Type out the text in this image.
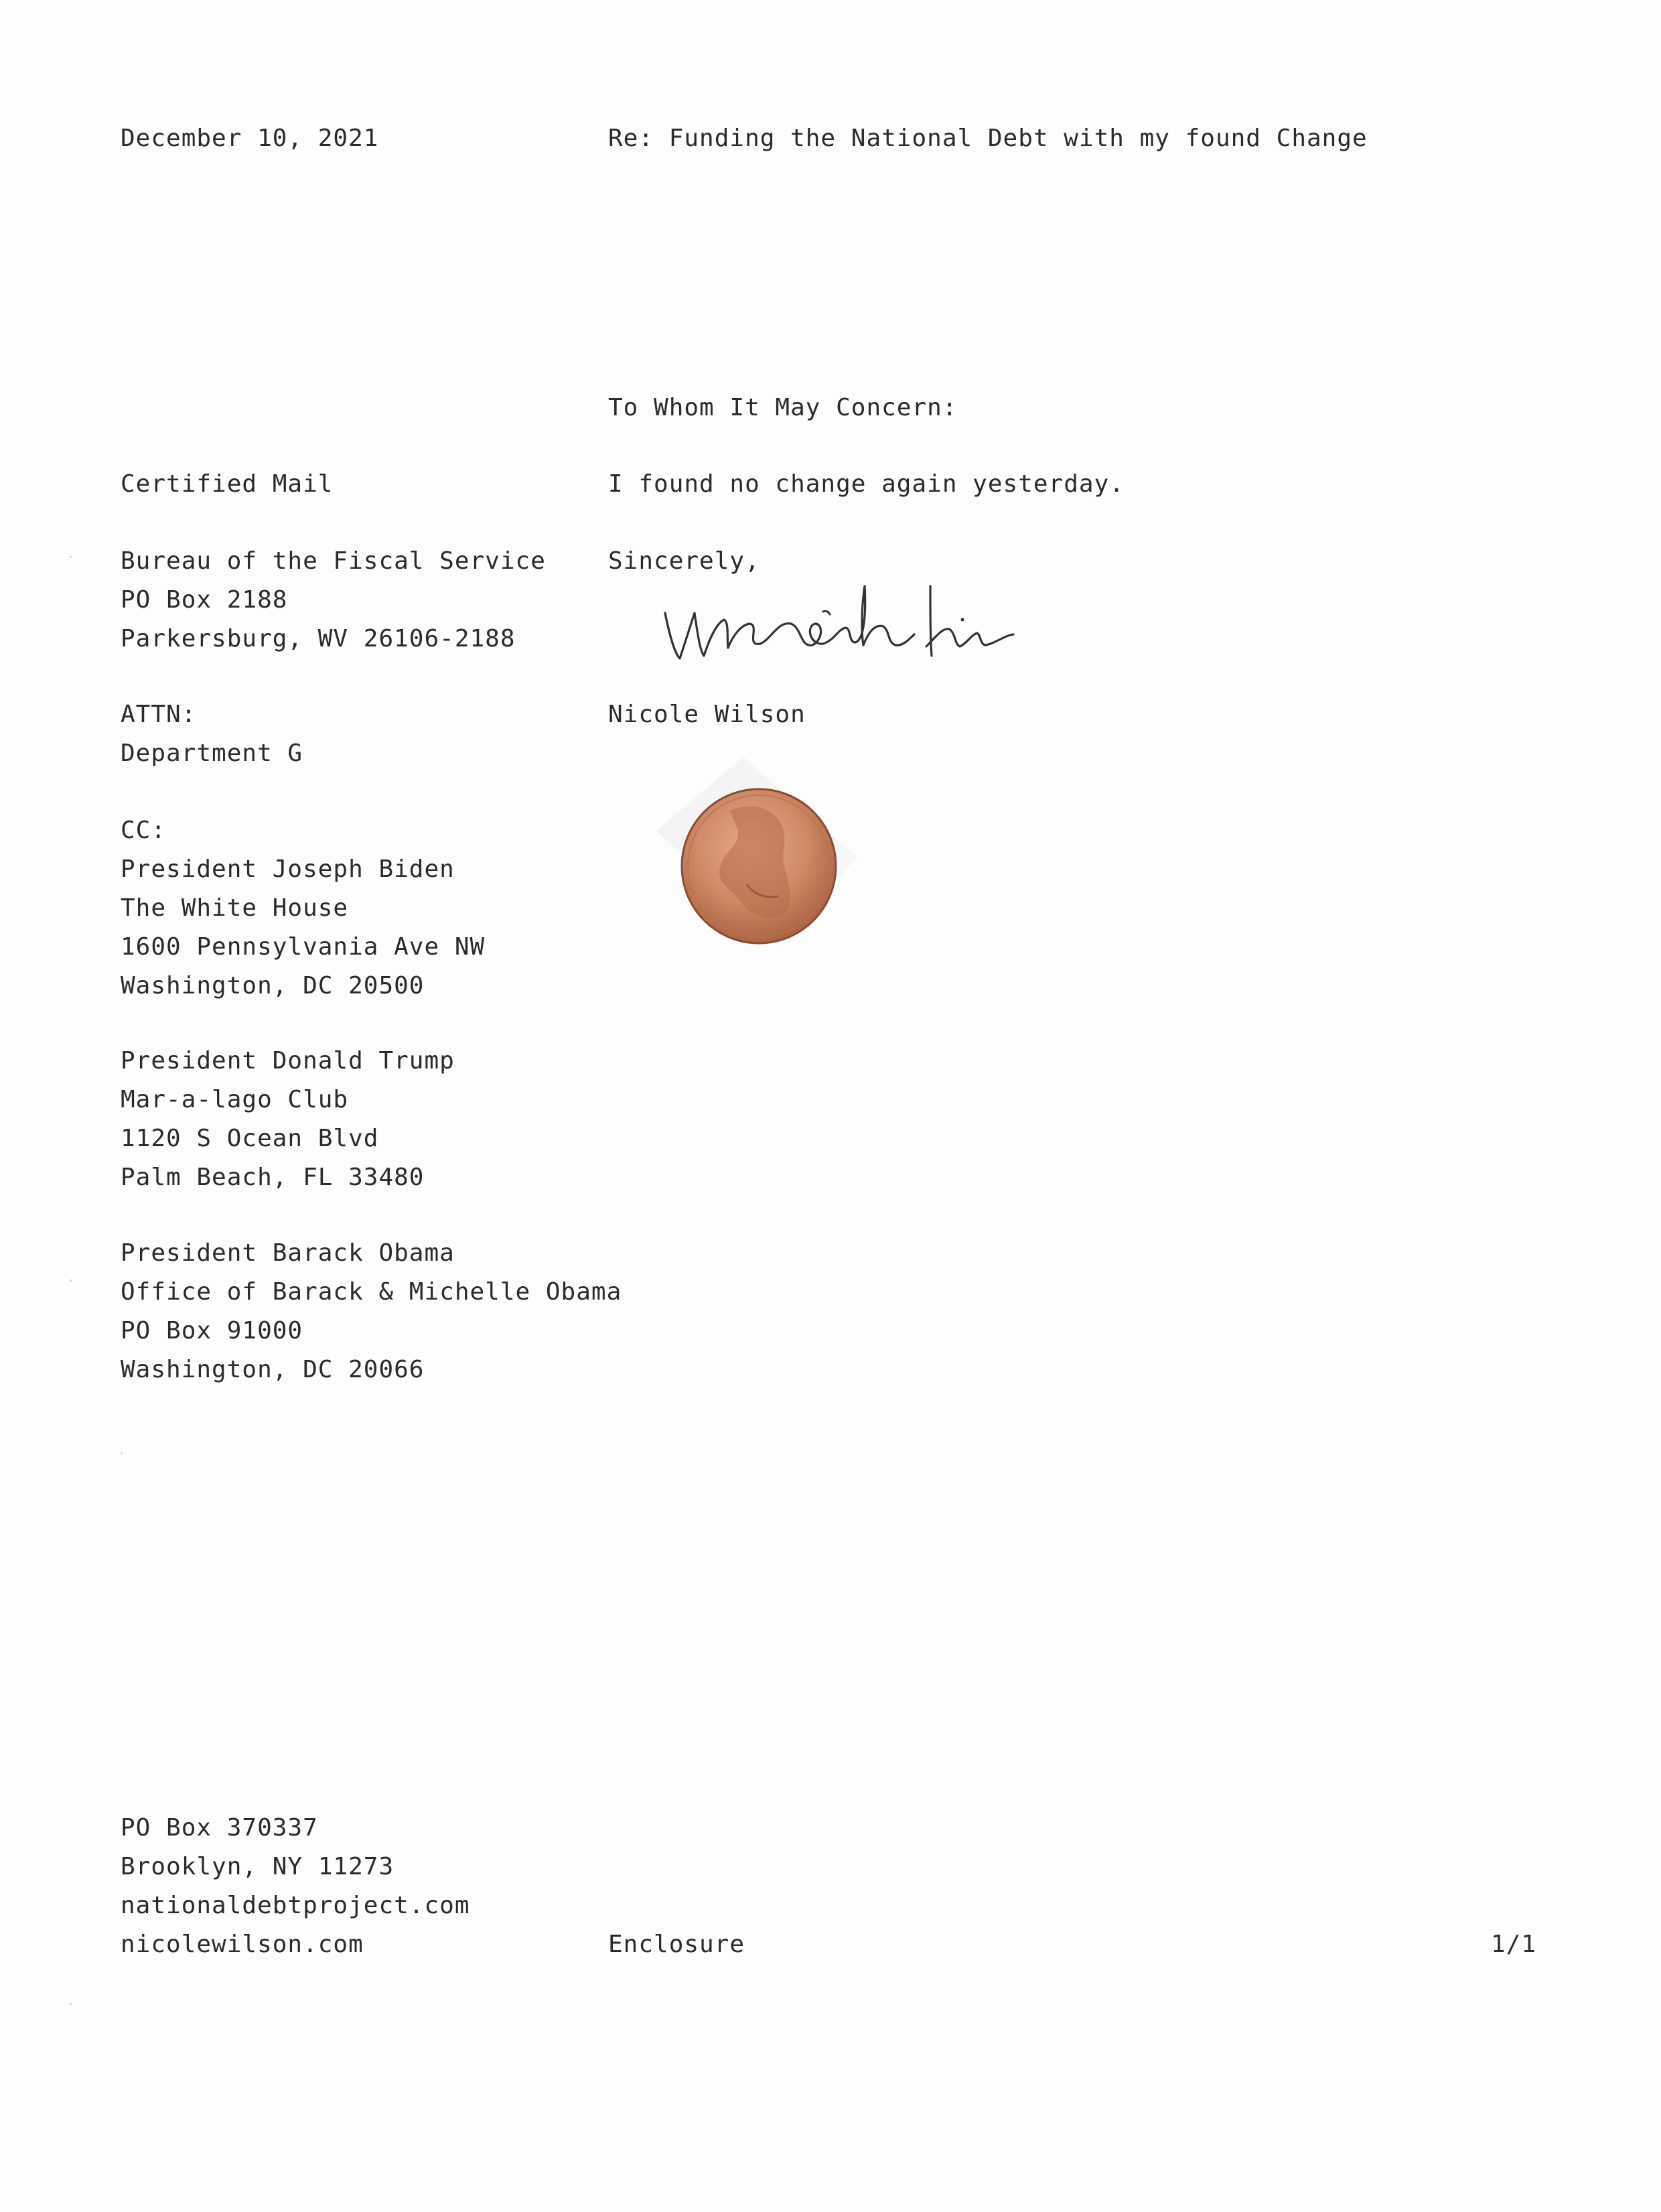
December 10, 2021	Re: Funding the National Debt with my found Change

To Whom It May Concern:

I found no change again yesterday.

Sincerely,

Nicole Wilson

Certified Mail

Bureau of the Fiscal Service
PO Box 2188
Parkersburg, WV 26106-2188
ATTN:
Department G
CC:
President Joseph Biden
The White House
1600 Pennsylvania Ave NW
Washington, DC 20500
President Donald Trump
Mar-a-lago Club
1120 S Ocean Blvd
Palm Beach, FL 33480
President Barack Obama
Office of Barack & Michelle Obama
PO Box 91000
Washington, DC 20066
PO Box 370337
Brooklyn, NY 11273
nationaldebtproject.com
nicolewilson.com	Enclosure	1/1
